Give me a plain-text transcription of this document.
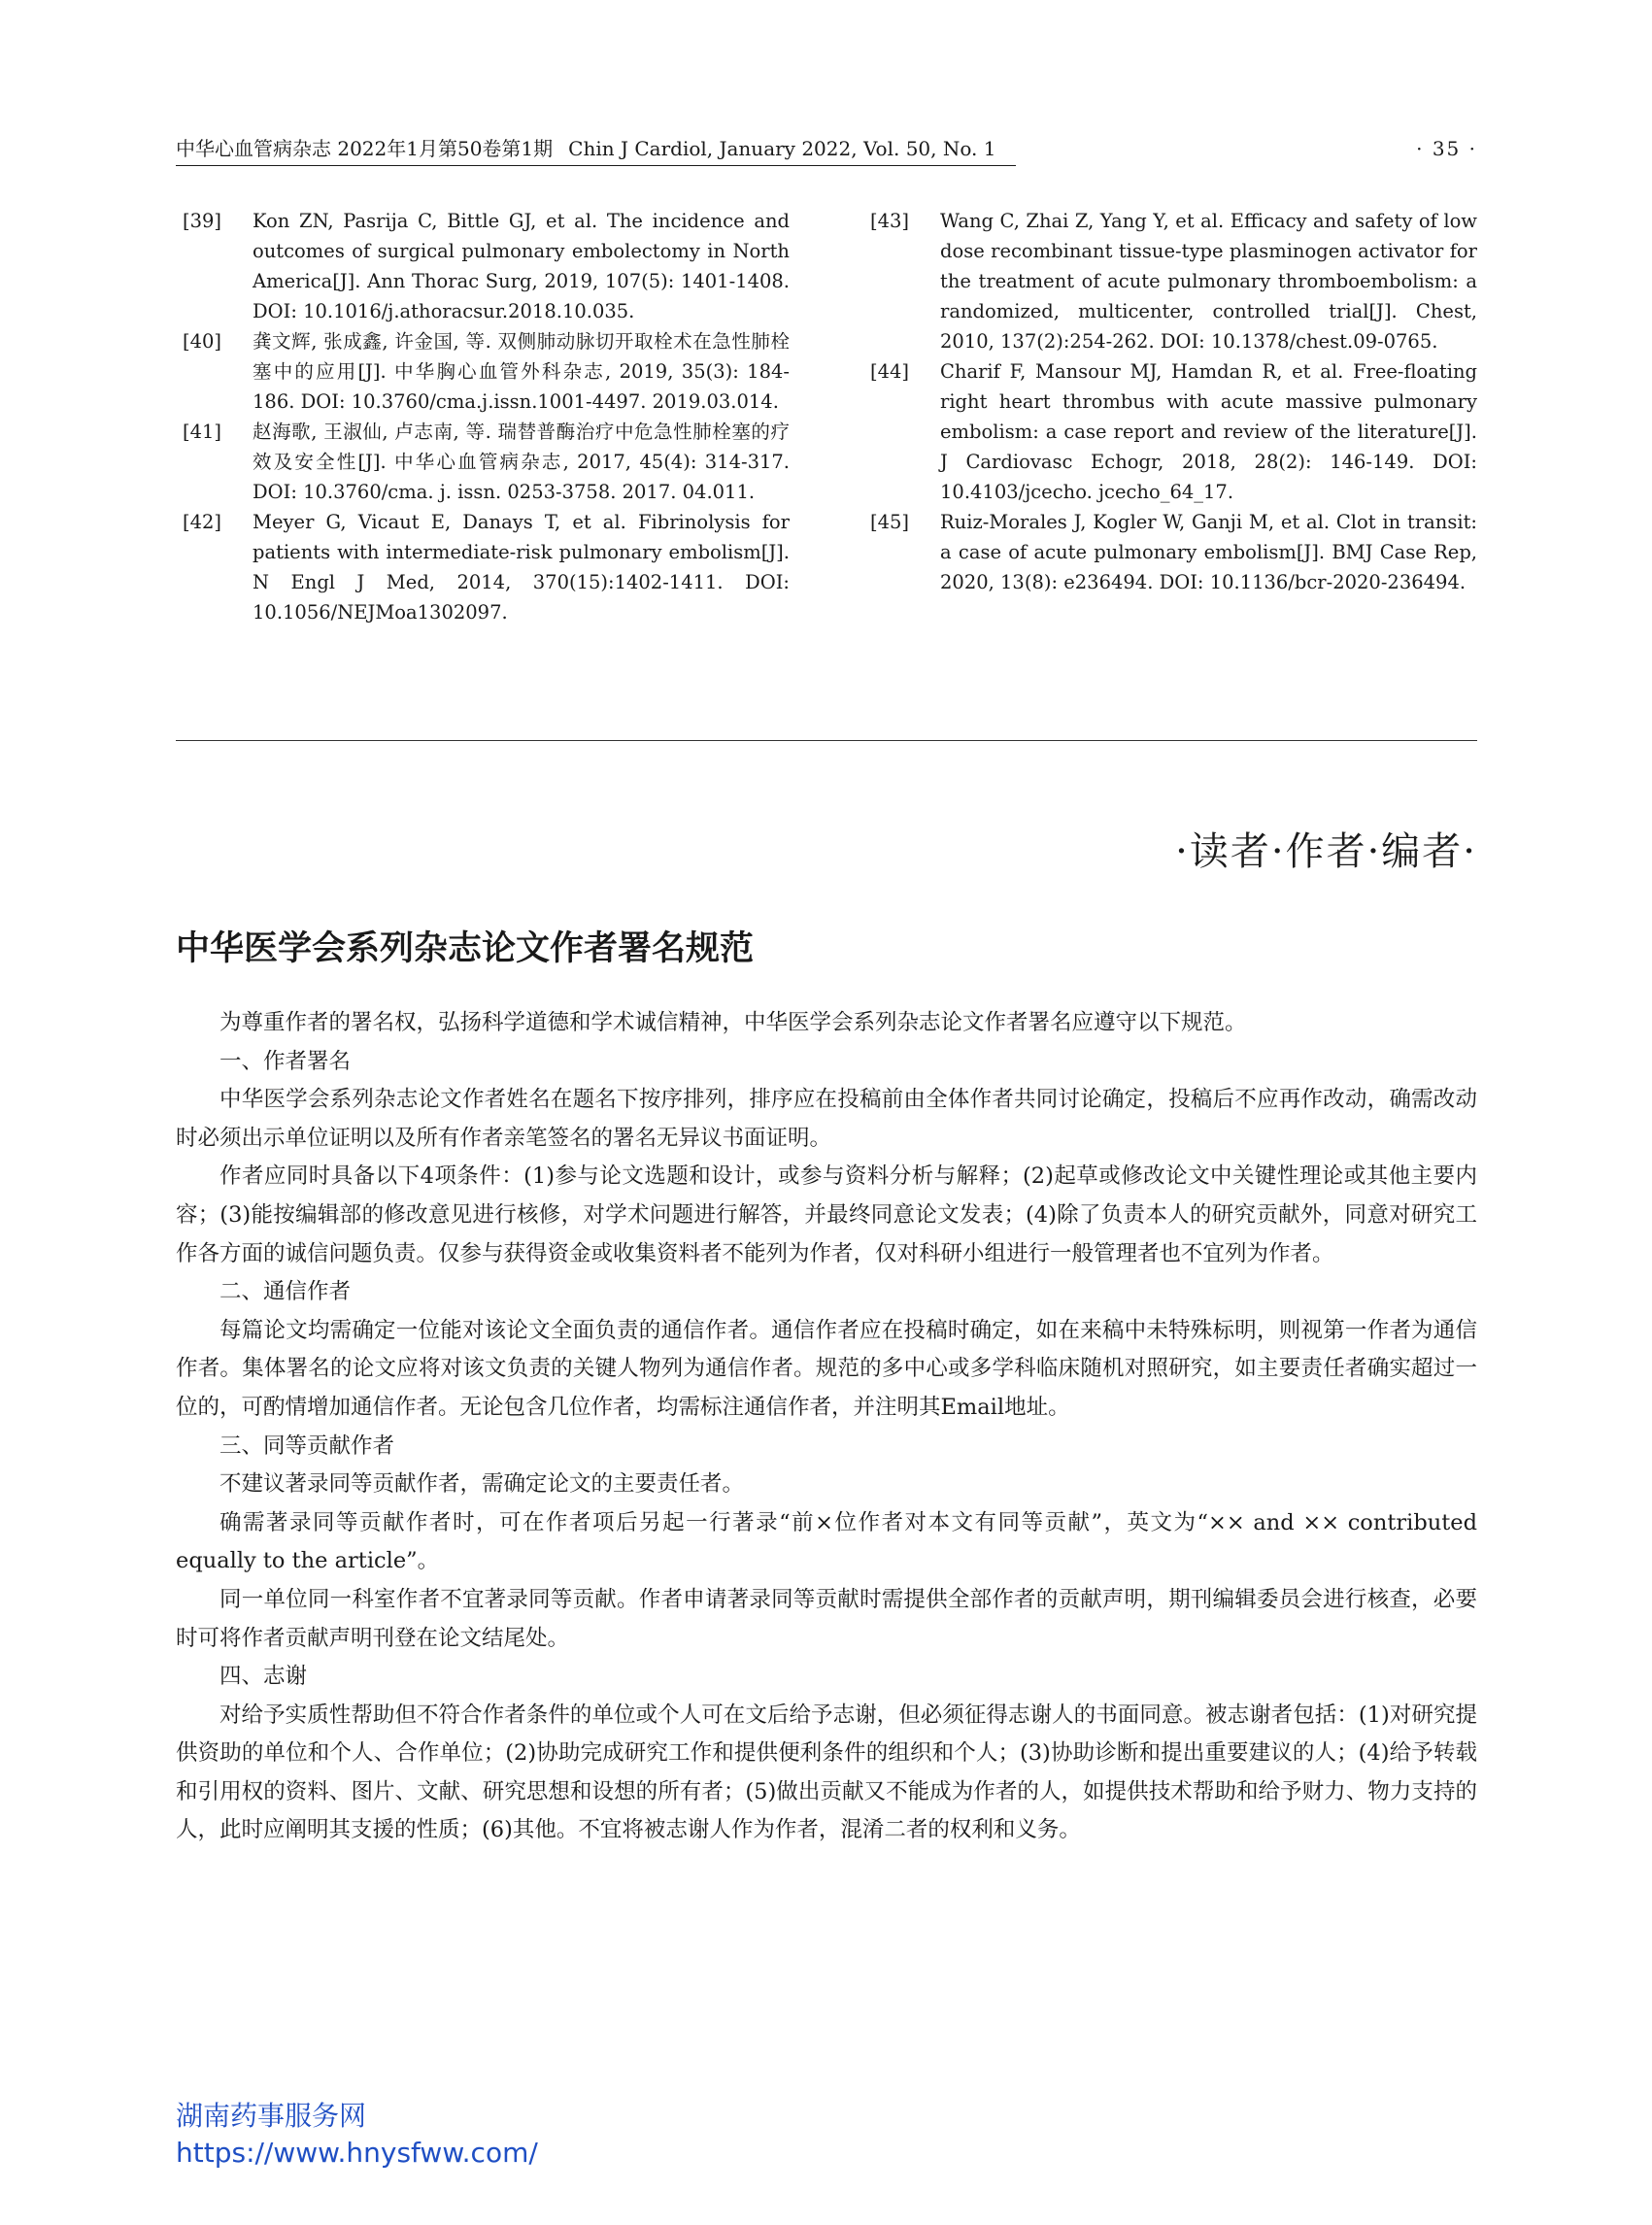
中华心血管病杂志 2022年1月第50卷第1期 Chin J Cardiol, January 2022, Vol. 50, No. 1	· 35 ·
[39]	Kon ZN, Pasrija C, Bittle GJ, et al. The incidence and outcomes of surgical pulmonary embolectomy in North America[J]. Ann Thorac Surg, 2019, 107(5): 1401-1408. DOI: 10.1016/j.athoracsur.2018.10.035.
[40]	龚文辉, 张成鑫, 许金国, 等. 双侧肺动脉切开取栓术在急性肺栓塞中的应用[J]. 中华胸心血管外科杂志, 2019, 35(3): 184-186. DOI: 10.3760/cma.j.issn.1001-4497. 2019.03.014.
[41]	赵海歌, 王淑仙, 卢志南, 等. 瑞替普酶治疗中危急性肺栓塞的疗效及安全性[J]. 中华心血管病杂志, 2017, 45(4): 314-317. DOI: 10.3760/cma. j. issn. 0253-3758. 2017. 04.011.
[42]	Meyer G, Vicaut E, Danays T, et al. Fibrinolysis for patients with intermediate-risk pulmonary embolism[J]. N Engl J Med, 2014, 370(15):1402-1411. DOI: 10.1056/NEJMoa1302097.
[43]	Wang C, Zhai Z, Yang Y, et al. Efficacy and safety of low dose recombinant tissue-type plasminogen activator for the treatment of acute pulmonary thromboembolism: a randomized, multicenter, controlled trial[J]. Chest, 2010, 137(2):254-262. DOI: 10.1378/chest.09-0765.
[44]	Charif F, Mansour MJ, Hamdan R, et al. Free-floating right heart thrombus with acute massive pulmonary embolism: a case report and review of the literature[J]. J Cardiovasc Echogr, 2018, 28(2): 146-149. DOI: 10.4103/jcecho. jcecho_64_17.
[45]	Ruiz-Morales J, Kogler W, Ganji M, et al. Clot in transit: a case of acute pulmonary embolism[J]. BMJ Case Rep, 2020, 13(8): e236494. DOI: 10.1136/bcr-2020-236494.
·读者·作者·编者·
中华医学会系列杂志论文作者署名规范

为尊重作者的署名权，弘扬科学道德和学术诚信精神，中华医学会系列杂志论文作者署名应遵守以下规范。

一、作者署名

中华医学会系列杂志论文作者姓名在题名下按序排列，排序应在投稿前由全体作者共同讨论确定，投稿后不应再作改动，确需改动时必须出示单位证明以及所有作者亲笔签名的署名无异议书面证明。

作者应同时具备以下4项条件：(1)参与论文选题和设计，或参与资料分析与解释；(2)起草或修改论文中关键性理论或其他主要内容；(3)能按编辑部的修改意见进行核修，对学术问题进行解答，并最终同意论文发表；(4)除了负责本人的研究贡献外，同意对研究工作各方面的诚信问题负责。仅参与获得资金或收集资料者不能列为作者，仅对科研小组进行一般管理者也不宜列为作者。

二、通信作者

每篇论文均需确定一位能对该论文全面负责的通信作者。通信作者应在投稿时确定，如在来稿中未特殊标明，则视第一作者为通信作者。集体署名的论文应将对该文负责的关键人物列为通信作者。规范的多中心或多学科临床随机对照研究，如主要责任者确实超过一位的，可酌情增加通信作者。无论包含几位作者，均需标注通信作者，并注明其Email地址。

三、同等贡献作者

不建议著录同等贡献作者，需确定论文的主要责任者。

确需著录同等贡献作者时，可在作者项后另起一行著录“前×位作者对本文有同等贡献”，英文为“×× and ×× contributed equally to the article”。

同一单位同一科室作者不宜著录同等贡献。作者申请著录同等贡献时需提供全部作者的贡献声明，期刊编辑委员会进行核查，必要时可将作者贡献声明刊登在论文结尾处。

四、志谢

对给予实质性帮助但不符合作者条件的单位或个人可在文后给予志谢，但必须征得志谢人的书面同意。被志谢者包括：(1)对研究提供资助的单位和个人、合作单位；(2)协助完成研究工作和提供便利条件的组织和个人；(3)协助诊断和提出重要建议的人；(4)给予转载和引用权的资料、图片、文献、研究思想和设想的所有者；(5)做出贡献又不能成为作者的人，如提供技术帮助和给予财力、物力支持的人，此时应阐明其支援的性质；(6)其他。不宜将被志谢人作为作者，混淆二者的权利和义务。

湖南药事服务网
https://www.hnysfww.com/
